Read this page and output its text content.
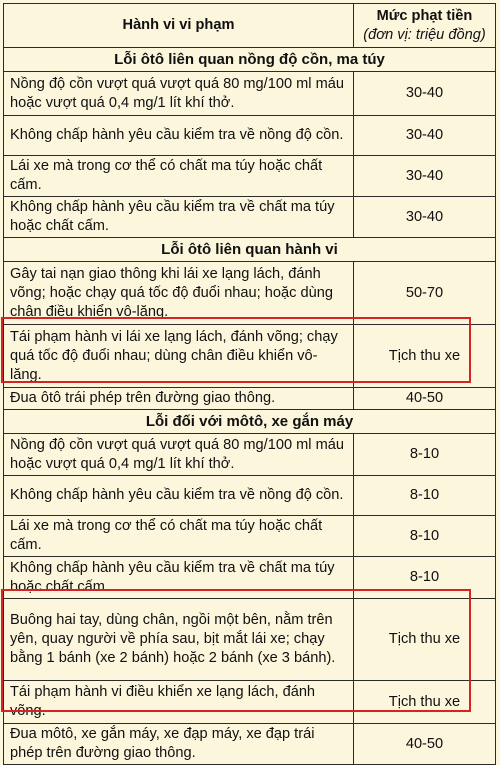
Hành vi vi phạm	Mức phạt tiền
(đơn vị: triệu đồng)

Lỗi ôtô liên quan nồng độ cồn, ma túy	
Nồng độ cồn vượt quá vượt quá 80 mg/100 ml máu hoặc vượt quá 0,4 mg/1 lít khí thở.	30-40
Không chấp hành yêu cầu kiểm tra về nồng độ cồn.	30-40
Lái xe mà trong cơ thể có chất ma túy hoặc chất cấm.	30-40
Không chấp hành yêu cầu kiểm tra về chất ma túy hoặc chất cấm.	30-40
Lỗi ôtô liên quan hành vi	
Gây tai nạn giao thông khi lái xe lạng lách, đánh võng; hoặc chạy quá tốc độ đuổi nhau; hoặc dùng chân điều khiển vô-lăng.	50-70
Tái phạm hành vi lái xe lạng lách, đánh võng; chạy quá tốc độ đuổi nhau; dùng chân điều khiển vô-lăng.	Tịch thu xe
Đua ôtô trái phép trên đường giao thông.	40-50
Lỗi đối với môtô, xe gắn máy	
Nồng độ cồn vượt quá vượt quá 80 mg/100 ml máu hoặc vượt quá 0,4 mg/1 lít khí thở.	8-10
Không chấp hành yêu cầu kiểm tra về nồng độ cồn.	8-10
Lái xe mà trong cơ thể có chất ma túy hoặc chất cấm.	8-10
Không chấp hành yêu cầu kiểm tra về chất ma túy hoặc chất cấm.	8-10
Buông hai tay, dùng chân, ngồi một bên, nằm trên yên, quay người về phía sau, bịt mắt lái xe; chạy bằng 1 bánh (xe 2 bánh) hoặc 2 bánh (xe 3 bánh).	Tịch thu xe
Tái phạm hành vi điều khiển xe lạng lách, đánh võng.	Tịch thu xe
Đua môtô, xe gắn máy, xe đạp máy, xe đạp trái phép trên đường giao thông.	40-50
